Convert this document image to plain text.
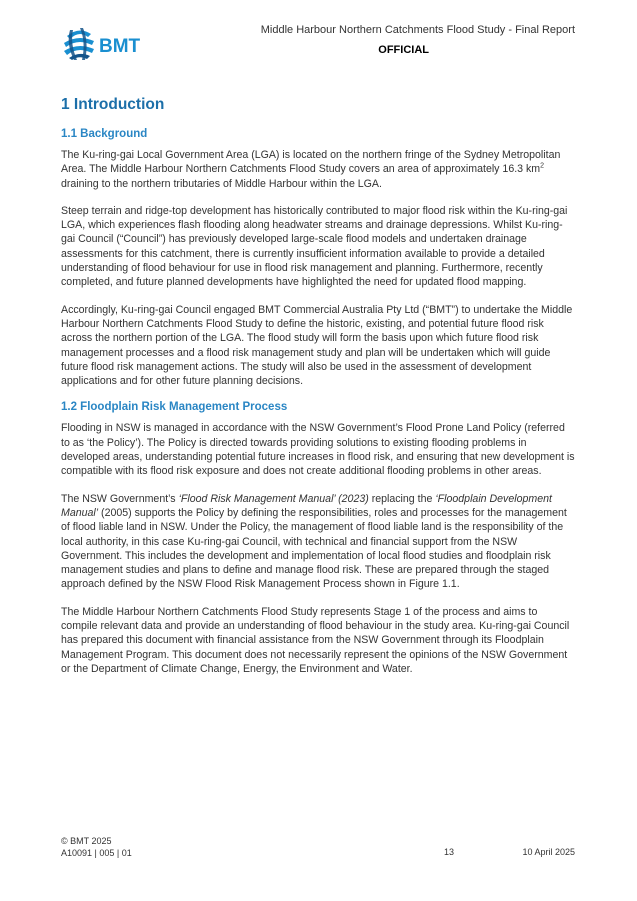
BMT
Middle Harbour Northern Catchments Flood Study - Final Report
OFFICIAL
1 Introduction
1.1 Background

The Ku-ring-gai Local Government Area (LGA) is located on the northern fringe of the Sydney Metropolitan Area. The Middle Harbour Northern Catchments Flood Study covers an area of approximately 16.3 $km^2$ draining to the northern tributaries of Middle Harbour within the LGA.

Steep terrain and ridge-top development has historically contributed to major flood risk within the Ku-ring-gai LGA, which experiences flash flooding along headwater streams and drainage depressions. Whilst Ku-ring-gai Council (“Council”) has previously developed large-scale flood models and undertaken drainage assessments for this catchment, there is currently insufficient information available to provide a detailed understanding of flood behaviour for use in flood risk management and planning. Furthermore, recently completed, and future planned developments have highlighted the need for updated flood mapping.

Accordingly, Ku-ring-gai Council engaged BMT Commercial Australia Pty Ltd (“BMT”) to undertake the Middle Harbour Northern Catchments Flood Study to define the historic, existing, and potential future flood risk across the northern portion of the LGA. The flood study will form the basis upon which future flood risk management processes and a flood risk management study and plan will be undertaken which will guide future flood risk management actions. The study will also be used in the assessment of development applications and for other future planning decisions.

1.2 Floodplain Risk Management Process

Flooding in NSW is managed in accordance with the NSW Government’s Flood Prone Land Policy (referred to as ‘the Policy’). The Policy is directed towards providing solutions to existing flooding problems in developed areas, understanding potential future increases in flood risk, and ensuring that new development is compatible with its flood risk exposure and does not create additional flooding problems in other areas.

The NSW Government’s ‘Flood Risk Management Manual’ (2023) replacing the ‘Floodplain Development Manual’ (2005) supports the Policy by defining the responsibilities, roles and processes for the management of flood liable land in NSW. Under the Policy, the management of flood liable land is the responsibility of the local authority, in this case Ku-ring-gai Council, with technical and financial support from the NSW Government. This includes the development and implementation of local flood studies and floodplain risk management studies and plans to define and manage flood risk. These are prepared through the staged approach defined by the NSW Flood Risk Management Process shown in Figure 1.1.

The Middle Harbour Northern Catchments Flood Study represents Stage 1 of the process and aims to compile relevant data and provide an understanding of flood behaviour in the study area. Ku-ring-gai Council has prepared this document with financial assistance from the NSW Government through its Floodplain Management Program. This document does not necessarily represent the opinions of the NSW Government or the Department of Climate Change, Energy, the Environment and Water.

© BMT 2025
A10091 | 005 | 01	13	10 April 2025
